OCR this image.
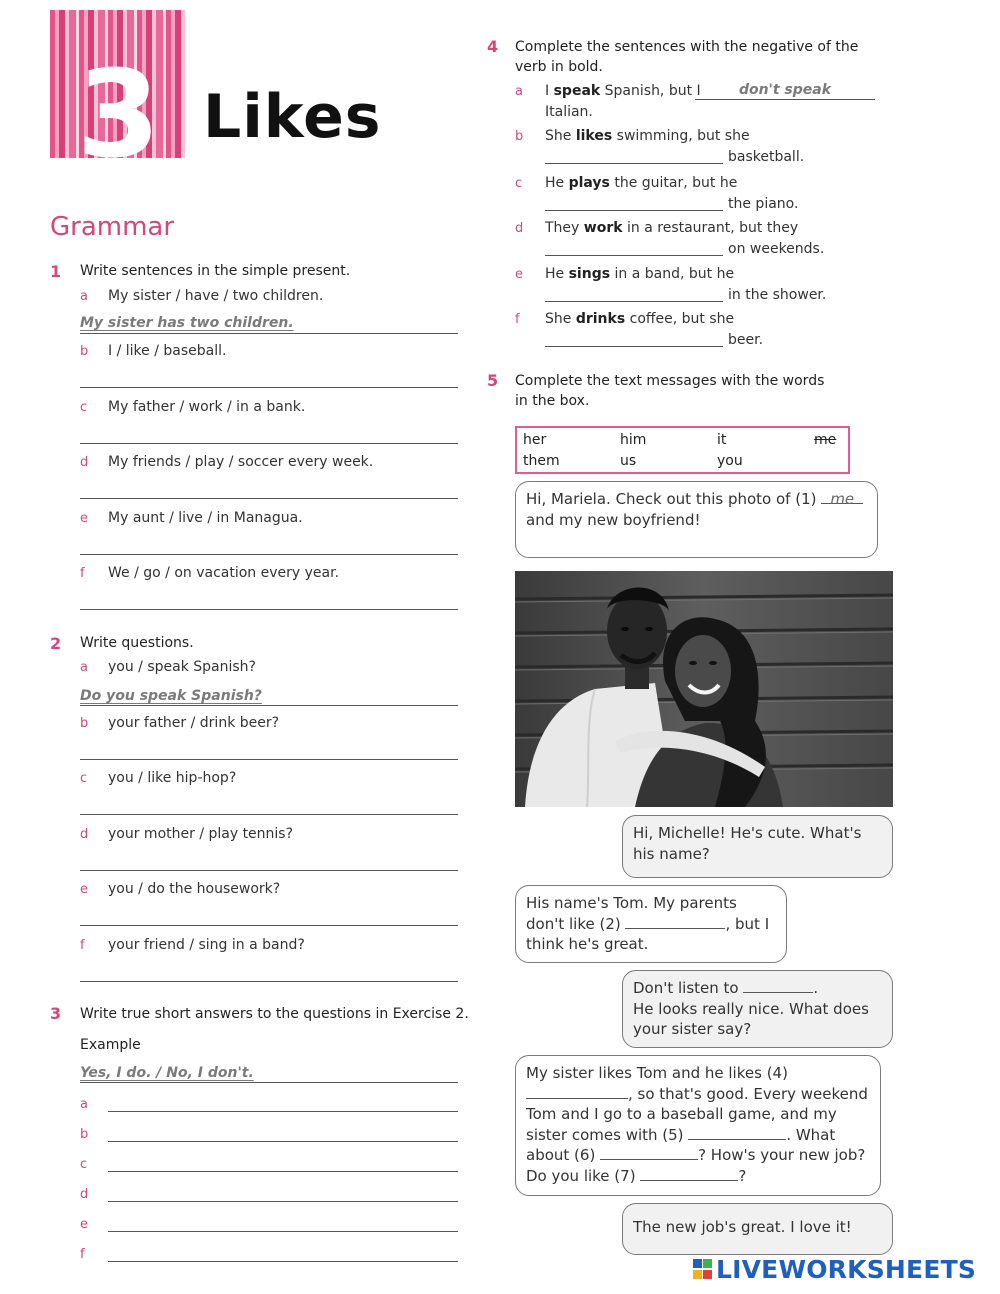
3 Likes
Grammar
1 Write sentences in the simple present.
a My sister / have / two children.
My sister has two children.
b I / like / baseball.
c My father / work / in a bank.
d My friends / play / soccer every week.
e My aunt / live / in Managua.
f We / go / on vacation every year.
2 Write questions.
a you / speak Spanish?
Do you speak Spanish?
b your father / drink beer?
c you / like hip-hop?
d your mother / play tennis?
e you / do the housework?
f your friend / sing in a band?
3 Write true short answers to the questions in Exercise 2.
Example
Yes, I do. / No, I don't.
a
b
c
d
e
f
4 Complete the sentences with the negative of the
verb in bold.
a I speak Spanish, but I	don't speak
Italian.
b She likes swimming, but she
basketball.
c He plays the guitar, but he
the piano.
d They work in a restaurant, but they
on weekends.
e He sings in a band, but he
in the shower.
f She drinks coffee, but she
beer.
5 Complete the text messages with the words
in the box.
her	him	it	me
them	us	you
Hi, Mariela. Check out this photo of (1) me
and my new boyfriend!
Hi, Michelle! He's cute. What's
his name?
His name's Tom. My parents
don't like (2)	, but I
think he's great.
Don't listen to	.
He looks really nice. What does
your sister say?
My sister likes Tom and he likes (4)
, so that's good. Every weekend
Tom and I go to a baseball game, and my
sister comes with (5)	. What
about (6)	? How's your new job?
Do you like (7)	?
The new job's great. I love it!
LIVEWORKSHEETS
